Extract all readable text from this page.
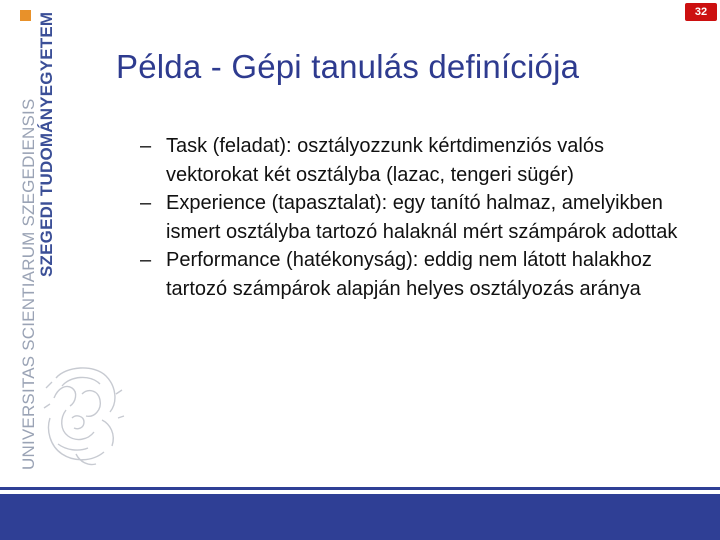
UNIVERSITAS SCIENTIARUM SZEGEDIENSIS SZEGEDI TUDOMÁNYEGYETEM	32
Példa - Gépi tanulás definíciója
– Task (feladat): osztályozzunk kértdimenziós valós vektorokat két osztályba (lazac, tengeri sügér)
– Experience (tapasztalat): egy tanító halmaz, amelyikben ismert osztályba tartozó halaknál mért számpárok adottak
– Performance (hatékonyság): eddig nem látott halakhoz tartozó számpárok alapján helyes osztályozás aránya
